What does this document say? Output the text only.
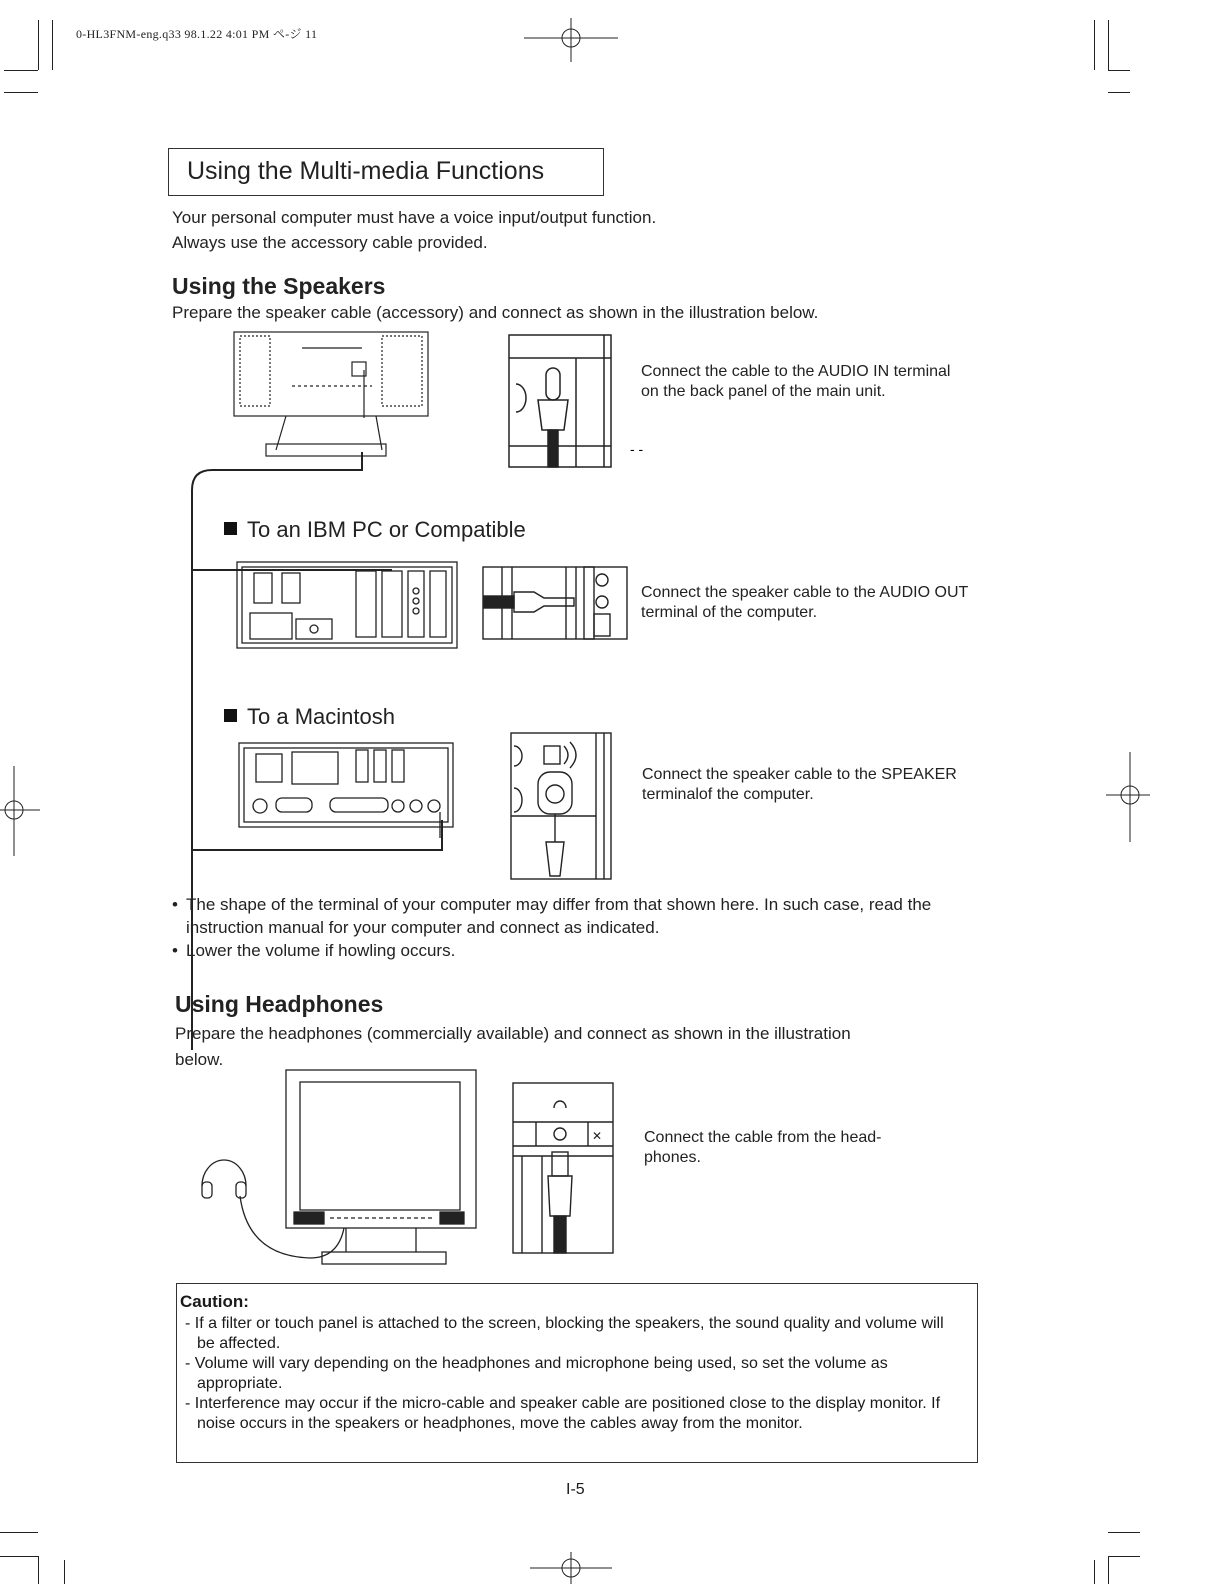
0-HL3FNM-eng.q33 98.1.22 4:01 PM ペ-ジ 11
Using the Multi-media Functions
Your personal computer must have a voice input/output function.
Always use the accessory cable provided.
Using the Speakers
Prepare the speaker cable (accessory) and connect as shown in the illustration below.
- -
Connect the cable to the AUDIO IN terminal on the back panel of the main unit.
To an IBM PC or Compatible
Connect the speaker cable to the AUDIO OUT terminal of the computer.
To a Macintosh
Connect the speaker cable to the SPEAKER terminalof the computer.
• The shape of the terminal of your computer may differ from that shown here. In such case, read the instruction manual for your computer and connect as indicated.
• Lower the volume if howling occurs.
Using Headphones
Prepare the headphones (commercially available) and connect as shown in the illustration
below.
✕	Connect the cable from the head-phones.
Caution:
- If a filter or touch panel is attached to the screen, blocking the speakers, the sound quality and volume will be affected.
- Volume will vary depending on the headphones and microphone being used, so set the volume as appropriate.
- Interference may occur if the micro-cable and speaker cable are positioned close to the display monitor. If noise occurs in the speakers or headphones, move the cables away from the monitor.
I-5
